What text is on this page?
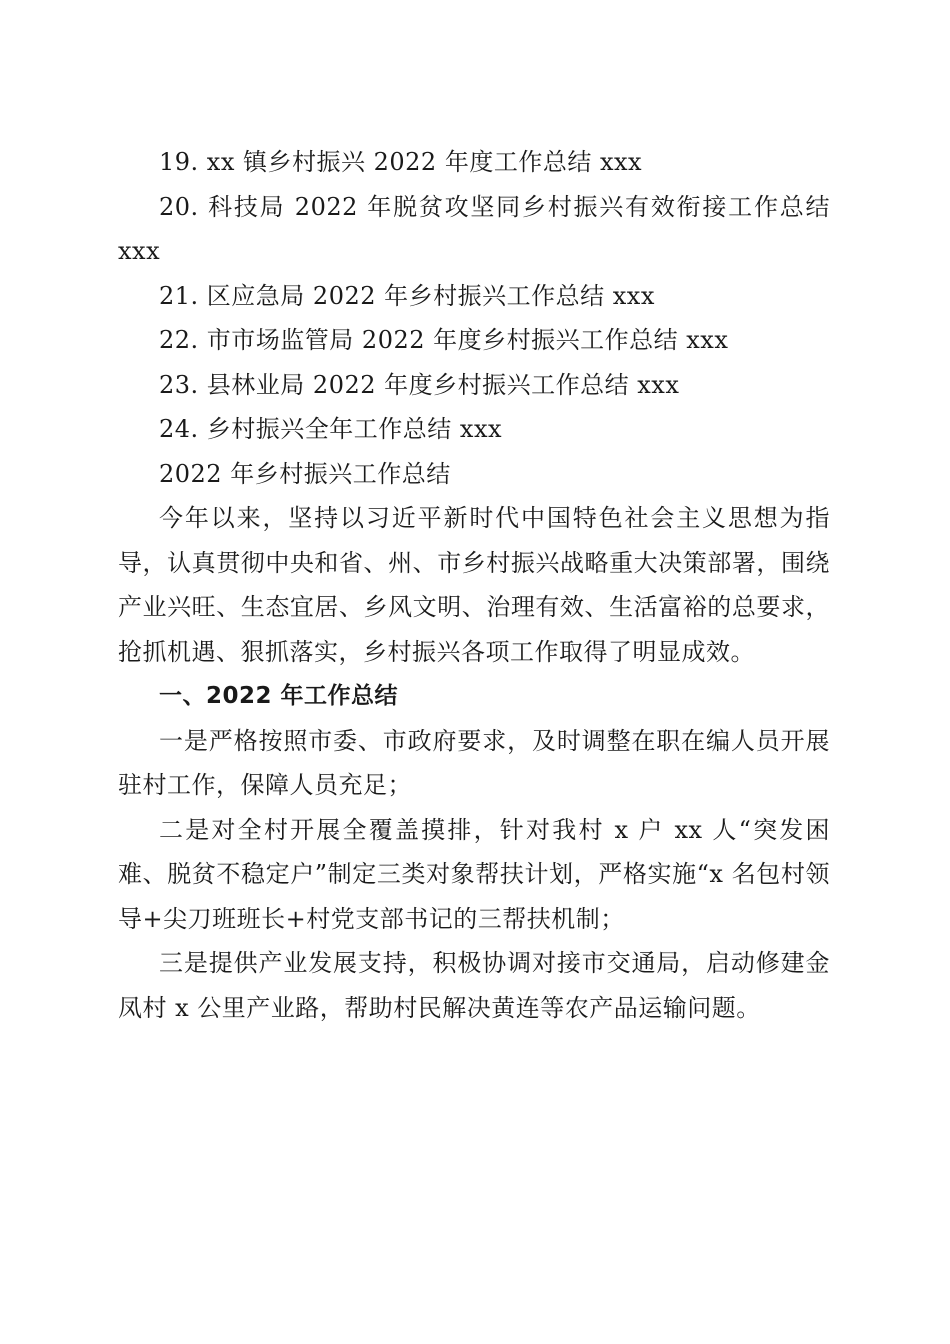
19. xx 镇乡村振兴 2022 年度工作总结 xxx

20. 科技局 2022 年脱贫攻坚同乡村振兴有效衔接工作总结 xxx

21. 区应急局 2022 年乡村振兴工作总结 xxx

22. 市市场监管局 2022 年度乡村振兴工作总结 xxx

23. 县林业局 2022 年度乡村振兴工作总结 xxx

24. 乡村振兴全年工作总结 xxx

2022 年乡村振兴工作总结

今年以来，坚持以习近平新时代中国特色社会主义思想为指导，认真贯彻中央和省、州、市乡村振兴战略重大决策部署，围绕产业兴旺、生态宜居、乡风文明、治理有效、生活富裕的总要求，抢抓机遇、狠抓落实，乡村振兴各项工作取得了明显成效。

一、2022 年工作总结

一是严格按照市委、市政府要求，及时调整在职在编人员开展驻村工作，保障人员充足；

二是对全村开展全覆盖摸排，针对我村 x 户 xx 人“突发困难、脱贫不稳定户”制定三类对象帮扶计划，严格实施“x 名包村领导+尖刀班班长+村党支部书记的三帮扶机制；

三是提供产业发展支持，积极协调对接市交通局，启动修建金凤村 x 公里产业路，帮助村民解决黄连等农产品运输问题。
